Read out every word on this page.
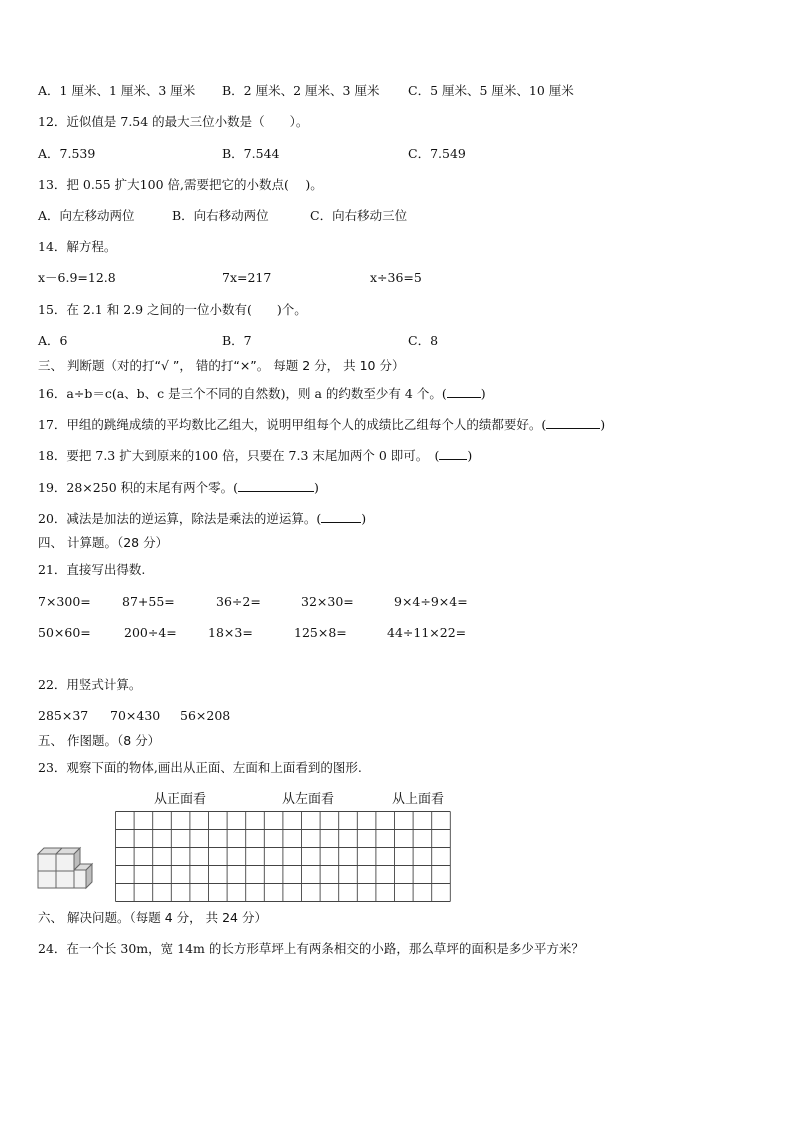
A．1 厘米、1 厘米、3 厘米 B．2 厘米、2 厘米、3 厘米 C．5 厘米、5 厘米、10 厘米
12．近似值是 7.54 的最大三位小数是（　　）。
A．7.539	B．7.544	C．7.549
13．把 0.55 扩大100 倍,需要把它的小数点(　 )。
A．向左移动两位	B．向右移动两位	C．向右移动三位
14．解方程。
x－6.9=12.8	7x=217	x÷36=5
15．在 2.1 和 2.9 之间的一位小数有(　　)个。
A．6	B．7	C．8
三、 判断题（对的打“√ ”， 错的打“×”。 每题 2 分， 共 10 分）
16．a÷b＝c(a、b、c 是三个不同的自然数)，则 a 的约数至少有 4 个。(	)
17．甲组的跳绳成绩的平均数比乙组大，说明甲组每个人的成绩比乙组每个人的绩都要好。(	)
18．要把 7.3 扩大到原来的100 倍，只要在 7.3 末尾加两个 0 即可。　( )
19．28×250 积的末尾有两个零。(	)
20．减法是加法的逆运算，除法是乘法的逆运算。(	)
四、 计算题。（28 分）
21．直接写出得数.
7×300= 87+55=	36÷2=	32×30=	9×4÷9×4=
50×60=	200÷4= 18×3=	125×8=	44÷11×22=
22．用竖式计算。
285×37 70×430 56×208
五、 作图题。（8 分）
23．观察下面的物体,画出从正面、左面和上面看到的图形.
从正面看	从左面看	从上面看
六、 解决问题。（每题 4 分， 共 24 分）
24．在一个长 30m，宽 14m 的长方形草坪上有两条相交的小路，那么草坪的面积是多少平方米？
